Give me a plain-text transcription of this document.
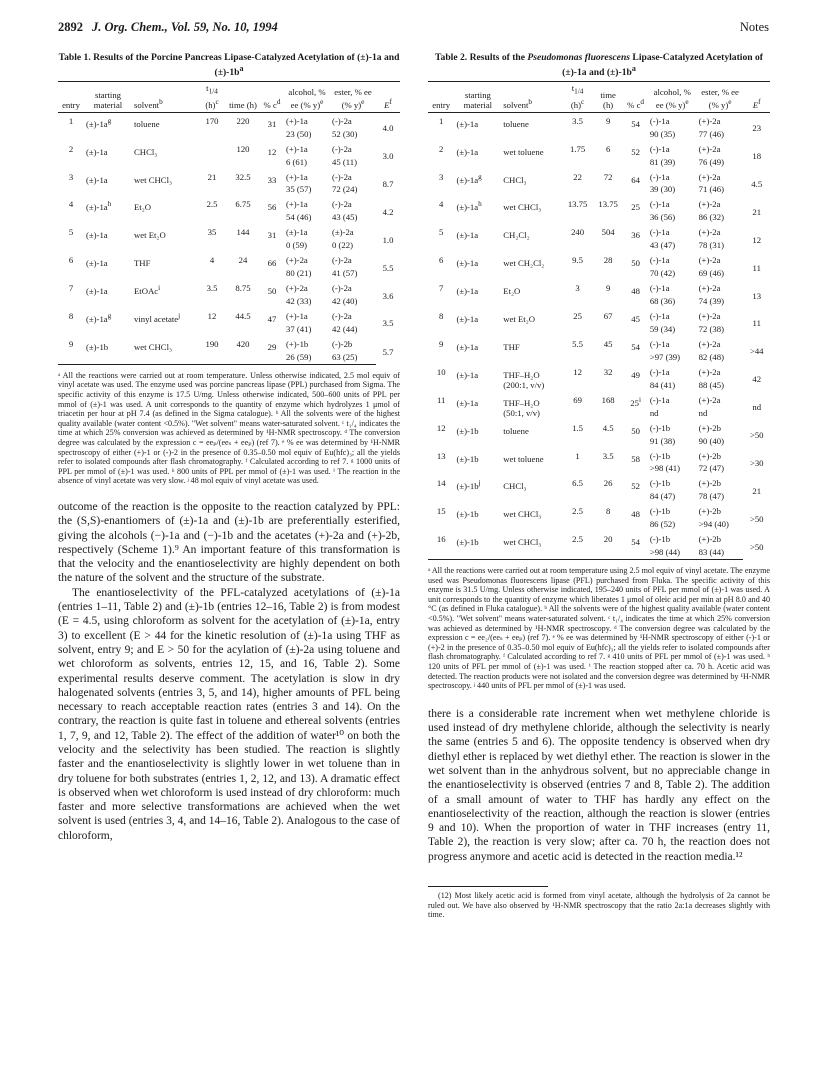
2892 J. Org. Chem., Vol. 59, No. 10, 1994	Notes
Table 1. Results of the Porcine Pancreas Lipase-Catalyzed Acetylation of (±)-1a and $(\pm)-1b^a$
entry	starting material	solvent$^b$	$t_{1/4}$
$(h)^c$	time (h)	% $c^d$	alcohol, % ee (% y)$^e$	ester, % ee (% y)$^e$	$E^f$
1	$(\pm)-1a^g$	toluene	170	220	31	(+)-1a	(-)-2a	4.0
						23 (50)	52 (30)	
2	(±)-1a	CHCl₃		120	12	(+)-1a	(-)-2a	3.0
						6 (61)	45 (11)	
3	(±)-1a	wet CHCl₃	21	32.5	33	(+)-1a	(-)-2a	8.7
						35 (57)	72 (24)	
4	$(\pm)-1a^h$	Et₂O	2.5	6.75	56	(+)-1a	(-)-2a	4.2
						54 (46)	43 (45)	
5	(±)-1a	wet Et₂O	35	144	31	(±)-1a	(±)-2a	1.0
						0 (59)	0 (22)	
6	(±)-1a	THF	4	24	66	(+)-2a	(-)-2a	5.5
						80 (21)	41 (57)	
7	(±)-1a	EtOAc$^i$	3.5	8.75	50	(+)-2a	(-)-2a	3.6
						42 (33)	42 (40)	
8	$(\pm)-1a^g$	vinyl acetate$^j$	12	44.5	47	(+)-1a	(-)-2a	3.5
						37 (41)	42 (44)	
9	(±)-1b	wet CHCl₃	190	420	29	(+)-1b	(-)-2b	5.7
						26 (59)	63 (25)	
ᵃ All the reactions were carried out at room temperature. Unless otherwise indicated, 2.5 mol equiv of vinyl acetate was used. The enzyme used was porcine pancreas lipase (PPL) purchased from Sigma. The specific activity of this enzyme is 17.5 U/mg. Unless otherwise indicated, 500–600 units of PPL per mmol of (±)-1 was used. A unit corresponds to the quantity of enzyme which hydrolyzes 1 μmol of triacetin per hour at pH 7.4 (as defined in the Sigma catalogue). ᵇ All the solvents were of the highest quality available (water content <0.5%). "Wet solvent" means water-saturated solvent. ᶜ t₁/₄ indicates the time at which 25% conversion was achieved as determined by ¹H-NMR spectroscopy. ᵈ The conversion degree was calculated by the expression c = eeₚ/(eeₛ + eeₚ) (ref 7). ᵉ % ee was determined by ¹H-NMR spectroscopy of either (+)-1 or (-)-2 in the presence of 0.35–0.50 mol equiv of Eu(hfc)₃; all the yields refer to isolated compounds after flash chromatography. ᶠ Calculated according to ref 7. ᵍ 1000 units of PPL per mmol of (±)-1 was used. ʰ 800 units of PPL per mmol of (±)-1 was used. ⁱ The reaction in the absence of vinyl acetate was very slow. ʲ 48 mol equiv of vinyl acetate was used.

outcome of the reaction is the opposite to the reaction catalyzed by PPL: the (S,S)-enantiomers of (±)-1a and (±)-1b are preferentially esterified, giving the alcohols (−)-1a and (−)-1b and the acetates (+)-2a and (+)-2b, respectively (Scheme 1).⁹ An important feature of this transformation is that the velocity and the enantioselectivity are highly dependent on both the nature of the solvent and the structure of the substrate.

The enantioselectivity of the PFL-catalyzed acetylations of (±)-1a (entries 1–11, Table 2) and (±)-1b (entries 12–16, Table 2) is from modest (E = 4.5, using chloroform as solvent for the acetylation of (±)-1a, entry 3) to excellent (E > 44 for the kinetic resolution of (±)-1a using THF as solvent, entry 9; and E > 50 for the acylation of (±)-2a using toluene and wet chloroform as solvents, entries 12, 15, and 16, Table 2). Some experimental results deserve comment. The acetylation is slow in dry halogenated solvents (entries 3, 5, and 14), higher amounts of PFL being necessary to reach acceptable reaction rates (entries 3 and 14). On the contrary, the reaction is quite fast in toluene and ethereal solvents (entries 1, 7, 9, and 12, Table 2). The effect of the addition of water¹⁰ on both the velocity and the selectivity has been studied. The reaction is slightly faster and the enantioselectivity is slightly lower in wet toluene than in dry toluene for both substrates (entries 1, 2, 12, and 13). A dramatic effect is observed when wet chloroform is used instead of dry chloroform: much faster and more selective transformations are achieved when the wet solvent is used (entries 3, 4, and 14–16, Table 2). Analogous to the case of chloroform,

Table 2. Results of the Pseudomonas fluorescens Lipase-Catalyzed Acetylation of (±)-1a and $(\pm)-1b^a$
entry	starting material	solvent$^b$	$t_{1/4}$
$(h)^c$	time (h)	% $c^d$	alcohol, % ee (% y)$^e$	ester, % ee (% y)$^e$	$E^f$
1	(±)-1a	toluene	3.5	9	54	(-)-1a	(+)-2a	23
						90 (35)	77 (46)	
2	(±)-1a	wet toluene	1.75	6	52	(-)-1a	(+)-2a	18
						81 (39)	76 (49)	
3	$(\pm)-1a^g$	CHCl₃	22	72	64	(-)-1a	(+)-2a	4.5
						39 (30)	71 (46)	
4	$(\pm)-1a^h$	wet CHCl₃	13.75	13.75	25	(-)-1a	(+)-2a	21
						36 (56)	86 (32)	
5	(±)-1a	CH₂Cl₂	240	504	36	(-)-1a	(+)-2a	12
						43 (47)	78 (31)	
6	(±)-1a	wet CH₂Cl₂	9.5	28	50	(-)-1a	(+)-2a	11
						70 (42)	69 (46)	
7	(±)-1a	Et₂O	3	9	48	(-)-1a	(+)-2a	13
						68 (36)	74 (39)	
8	(±)-1a	wet Et₂O	25	67	45	(-)-1a	(+)-2a	11
						59 (34)	72 (38)	
9	(±)-1a	THF	5.5	45	54	(-)-1a	(+)-2a	>44
						>97 (39)	82 (48)	
10	(±)-1a	THF–H₂O	12	32	49	(-)-1a	(+)-2a	42
		(200:1, v/v)				84 (41)	88 (45)	
11	(±)-1a	THF–H₂O	69	168	25$^i$	(-)-1a	(+)-2a	nd
		(50:1, v/v)				nd	nd	
12	(±)-1b	toluene	1.5	4.5	50	(-)-1b	(+)-2b	>50
						91 (38)	90 (40)	
13	(±)-1b	wet toluene	1	3.5	58	(-)-1b	(+)-2b	>30
						>98 (41)	72 (47)	
14	$(\pm)-1b^j$	CHCl₃	6.5	26	52	(-)-1b	(+)-2b	21
						84 (47)	78 (47)	
15	(±)-1b	wet CHCl₃	2.5	8	48	(-)-1b	(+)-2b	>50
						86 (52)	>94 (40)	
16	(±)-1b	wet CHCl₃	2.5	20	54	(-)-1b	(+)-2b	>50
						>98 (44)	83 (44)	
ᵃ All the reactions were carried out at room temperature using 2.5 mol equiv of vinyl acetate. The enzyme used was Pseudomonas fluorescens lipase (PFL) purchased from Fluka. The specific activity of this enzyme is 31.5 U/mg. Unless otherwise indicated, 195–240 units of PFL per mmol of (±)-1 was used. A unit corresponds to the quantity of enzyme which liberates 1 μmol of oleic acid per min at pH 8.0 and 40 °C (as defined in Fluka catalogue). ᵇ All the solvents were of the highest quality available (water content <0.5%). "Wet solvent" means water-saturated solvent. ᶜ t₁/₄ indicates the time at which 25% conversion was achieved as determined by ¹H-NMR spectroscopy. ᵈ The conversion degree was calculated by the expression c = ee₂/(eeₛ + eeₚ) (ref 7). ᵉ % ee was determined by ¹H-NMR spectroscopy of either (-)-1 or (+)-2 in the presence of 0.35–0.50 mol equiv of Eu(hfc)₃; all the yields refer to isolated compounds after flash chromatography. ᶠ Calculated according to ref 7. ᵍ 410 units of PFL per mmol of (±)-1 was used. ʰ 120 units of PFL per mmol of (±)-1 was used. ⁱ The reaction stopped after ca. 70 h. Acetic acid was detected. The reaction products were not isolated and the conversion degree was determined by ¹H-NMR spectroscopy. ʲ 440 units of PFL per mmol of (±)-1 was used.

there is a considerable rate increment when wet methylene chloride is used instead of dry methylene chloride, although the selectivity is nearly the same (entries 5 and 6). The opposite tendency is observed when dry diethyl ether is replaced by wet diethyl ether. The reaction is slower in the wet solvent than in the anhydrous solvent, but no appreciable change in the enantioselectivity is observed (entries 7 and 8, Table 2). The addition of a small amount of water to THF has hardly any effect on the enantioselectivity of the reaction, although the reaction is slower (entries 9 and 10). When the proportion of water in THF increases (entry 11, Table 2), the reaction is very slow; after ca. 70 h, the reaction does not progress anymore and acetic acid is detected in the reaction media.¹²

(12) Most likely acetic acid is formed from vinyl acetate, although the hydrolysis of 2a cannot be ruled out. We have also observed by ¹H-NMR spectroscopy that the ratio 2a:1a decreases slightly with time.
